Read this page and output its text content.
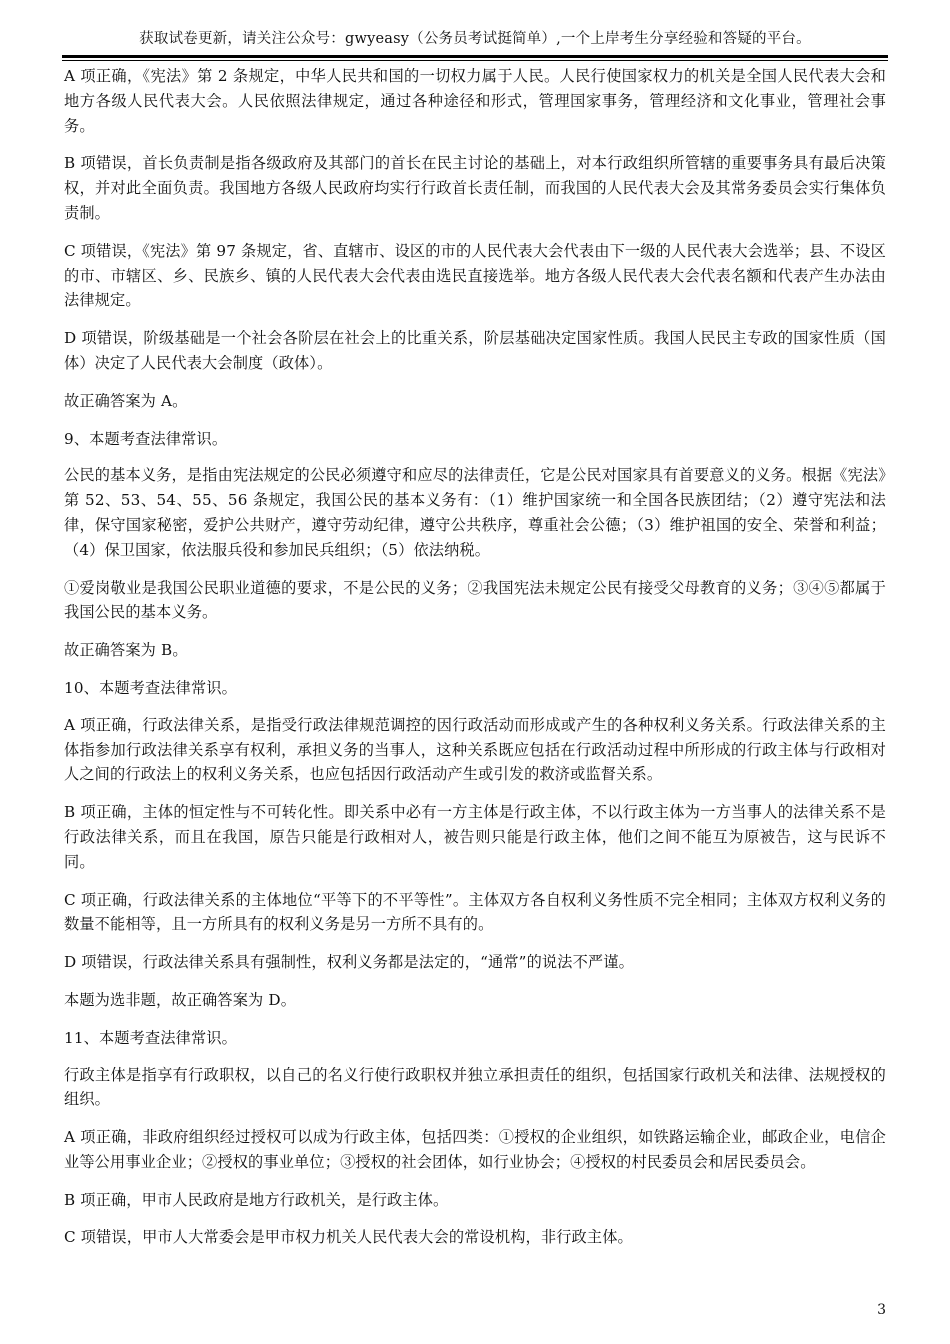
获取试卷更新，请关注公众号：gwyeasy（公务员考试挺简单）,一个上岸考生分享经验和答疑的平台。

A 项正确，《宪法》第 2 条规定，中华人民共和国的一切权力属于人民。人民行使国家权力的机关是全国人民代表大会和地方各级人民代表大会。人民依照法律规定，通过各种途径和形式，管理国家事务，管理经济和文化事业，管理社会事务。

B 项错误，首长负责制是指各级政府及其部门的首长在民主讨论的基础上，对本行政组织所管辖的重要事务具有最后决策权，并对此全面负责。我国地方各级人民政府均实行行政首长责任制，而我国的人民代表大会及其常务委员会实行集体负责制。

C 项错误，《宪法》第 97 条规定，省、直辖市、设区的市的人民代表大会代表由下一级的人民代表大会选举；县、不设区的市、市辖区、乡、民族乡、镇的人民代表大会代表由选民直接选举。地方各级人民代表大会代表名额和代表产生办法由法律规定。

D 项错误，阶级基础是一个社会各阶层在社会上的比重关系，阶层基础决定国家性质。我国人民民主专政的国家性质（国体）决定了人民代表大会制度（政体）。

故正确答案为 A。

9、本题考查法律常识。

公民的基本义务，是指由宪法规定的公民必须遵守和应尽的法律责任，它是公民对国家具有首要意义的义务。根据《宪法》第 52、53、54、55、56 条规定，我国公民的基本义务有：（1）维护国家统一和全国各民族团结；（2）遵守宪法和法律，保守国家秘密，爱护公共财产，遵守劳动纪律，遵守公共秩序，尊重社会公德；（3）维护祖国的安全、荣誉和利益；（4）保卫国家，依法服兵役和参加民兵组织；（5）依法纳税。

①爱岗敬业是我国公民职业道德的要求，不是公民的义务；②我国宪法未规定公民有接受父母教育的义务；③④⑤都属于我国公民的基本义务。

故正确答案为 B。

10、本题考查法律常识。

A 项正确，行政法律关系，是指受行政法律规范调控的因行政活动而形成或产生的各种权利义务关系。行政法律关系的主体指参加行政法律关系享有权利，承担义务的当事人，这种关系既应包括在行政活动过程中所形成的行政主体与行政相对人之间的行政法上的权利义务关系，也应包括因行政活动产生或引发的救济或监督关系。

B 项正确，主体的恒定性与不可转化性。即关系中必有一方主体是行政主体，不以行政主体为一方当事人的法律关系不是行政法律关系，而且在我国，原告只能是行政相对人，被告则只能是行政主体，他们之间不能互为原被告，这与民诉不同。

C 项正确，行政法律关系的主体地位“平等下的不平等性”。主体双方各自权利义务性质不完全相同；主体双方权利义务的数量不能相等，且一方所具有的权利义务是另一方所不具有的。

D 项错误，行政法律关系具有强制性，权利义务都是法定的，“通常”的说法不严谨。

本题为选非题，故正确答案为 D。

11、本题考查法律常识。

行政主体是指享有行政职权，以自己的名义行使行政职权并独立承担责任的组织，包括国家行政机关和法律、法规授权的组织。

A 项正确，非政府组织经过授权可以成为行政主体，包括四类：①授权的企业组织，如铁路运输企业，邮政企业，电信企业等公用事业企业；②授权的事业单位；③授权的社会团体，如行业协会；④授权的村民委员会和居民委员会。

B 项正确，甲市人民政府是地方行政机关，是行政主体。

C 项错误，甲市人大常委会是甲市权力机关人民代表大会的常设机构，非行政主体。

3
